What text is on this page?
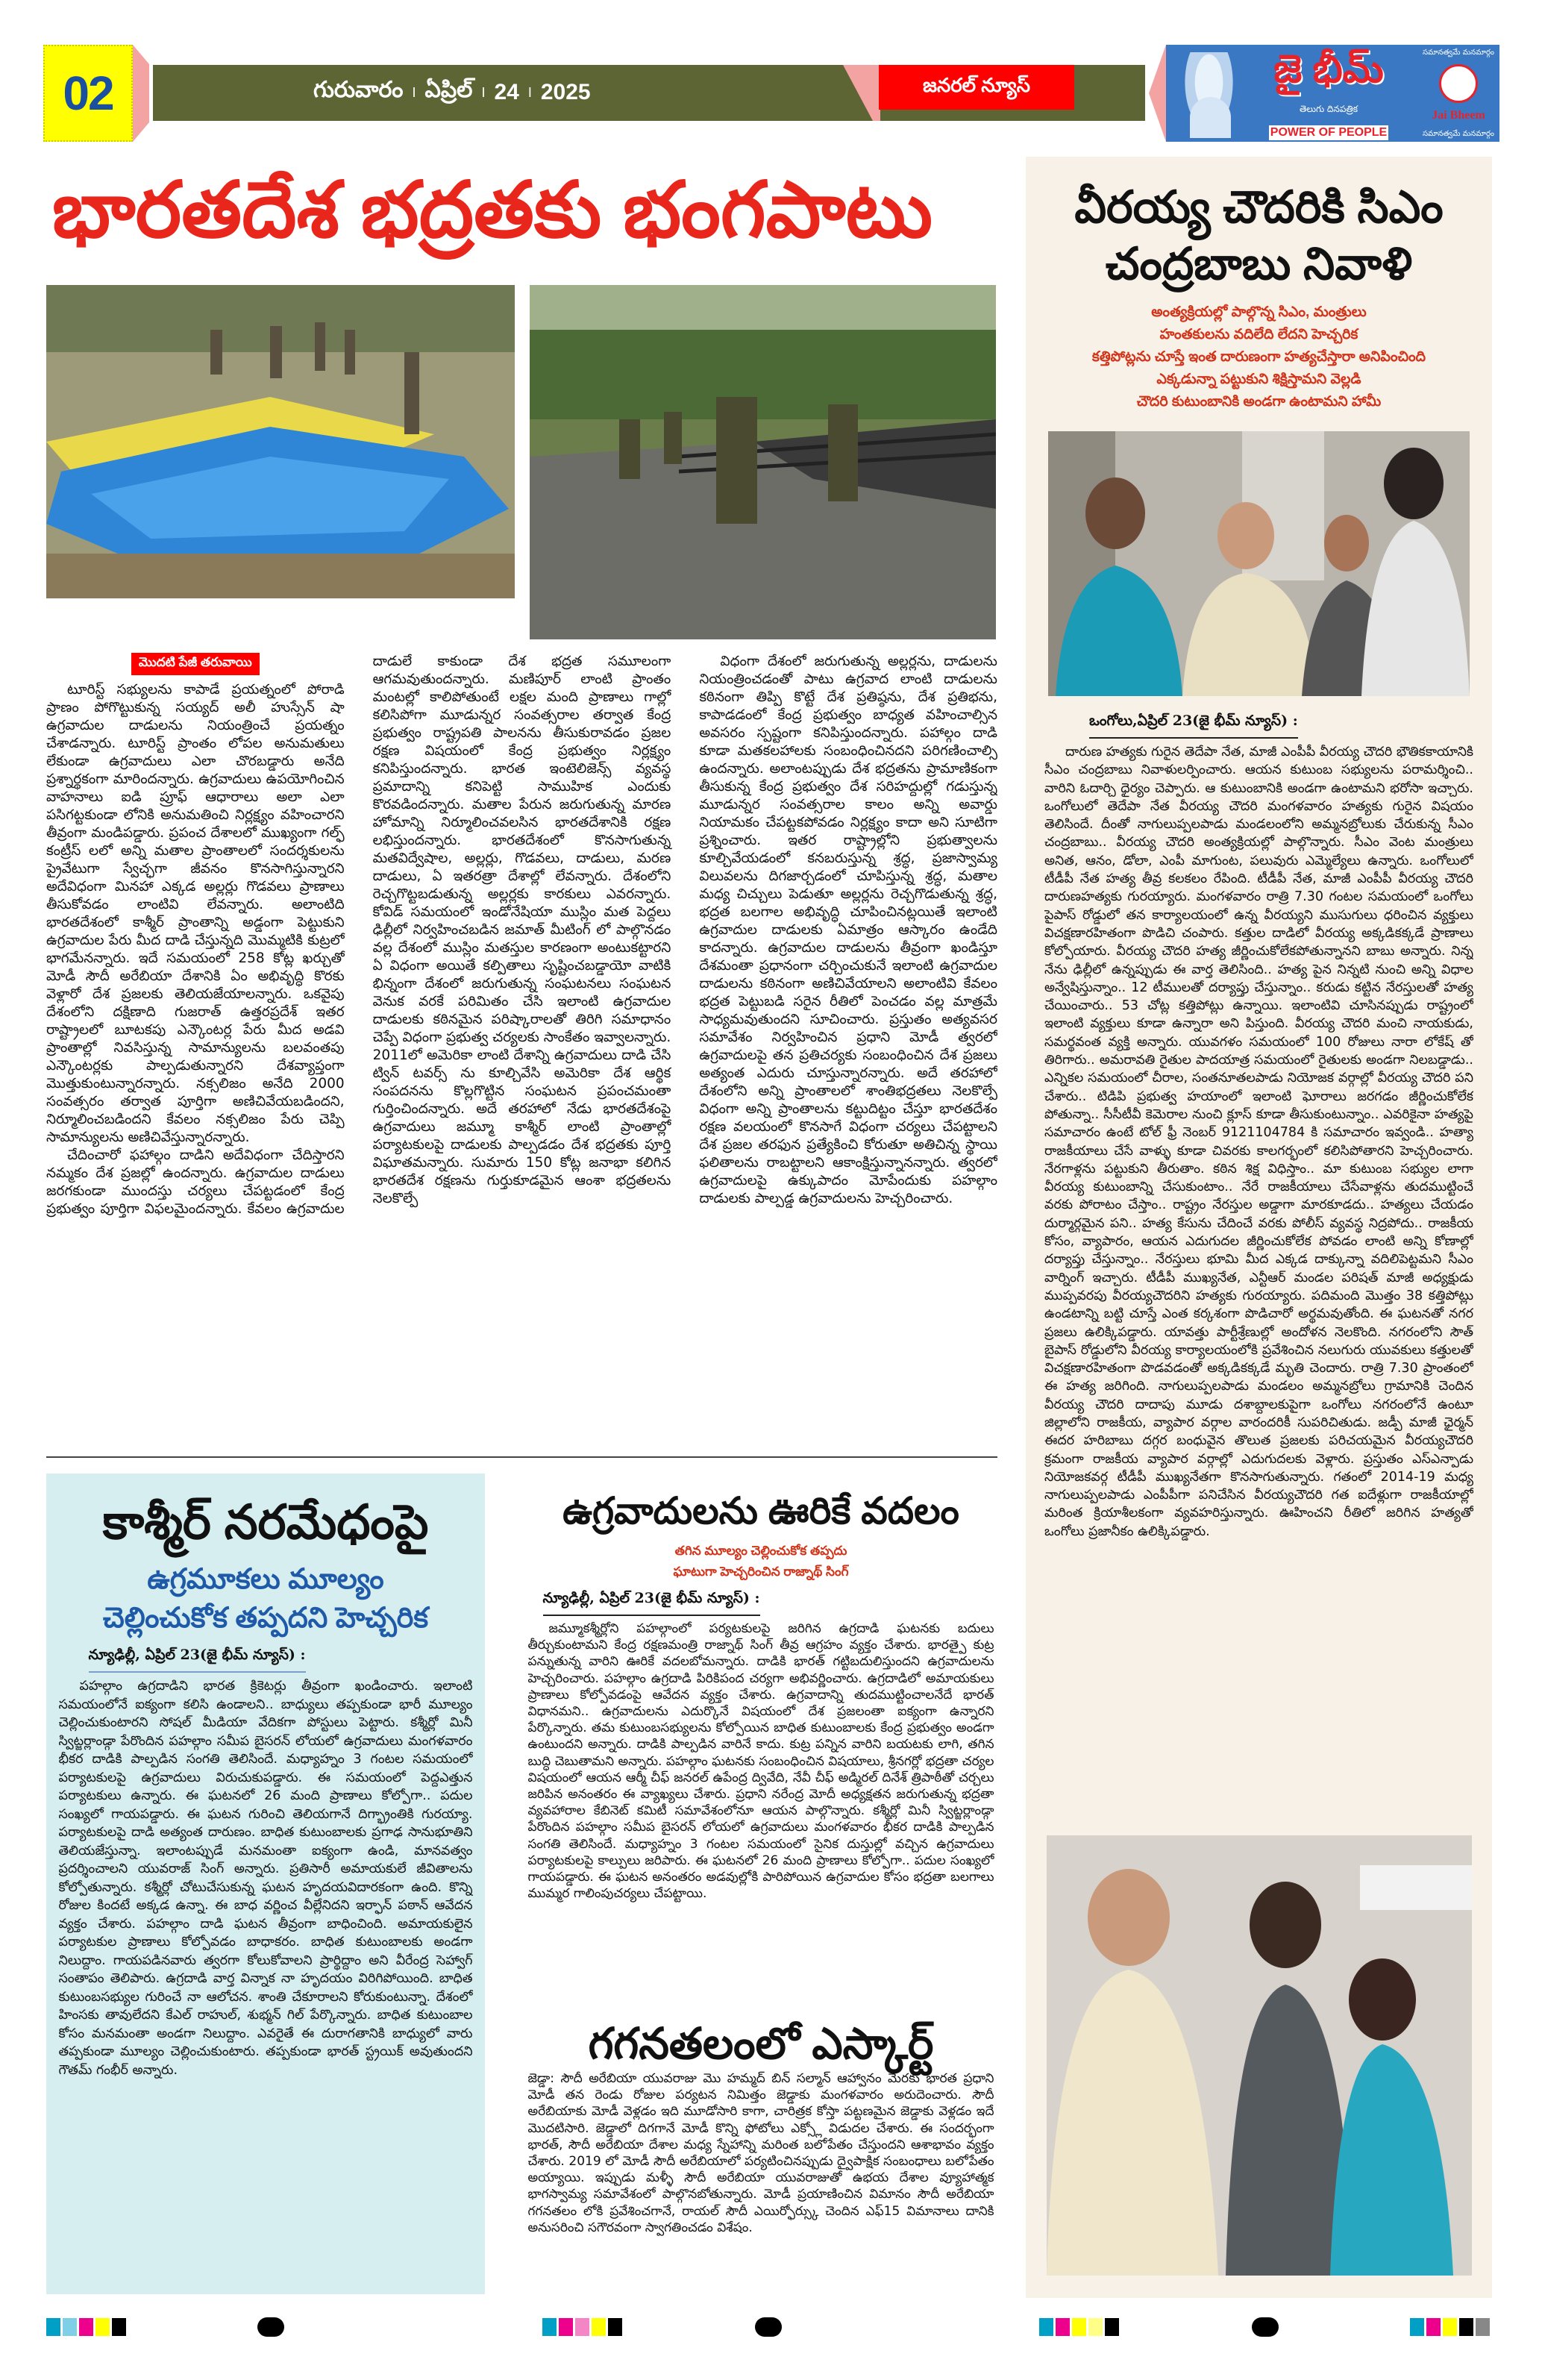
02	గురువారం I ఏప్రిల్ I 24 I 2025	జనరల్ న్యూస్	జై భీమ్
తెలుగు దినపత్రిక
POWER OF PEOPLE
సమానత్వమే మనమార్గం
Jai Bheem
సమానత్వమే మనమార్గం
భారతదేశ భద్రతకు భంగపాటు
మొదటి పేజీ తరువాయి

టూరిస్ట్ సభ్యులను కాపాడే ప్రయత్నంలో పోరాడి ప్రాణం పోగొట్టుకున్న సయ్యద్ అలీ హుస్సేన్ షా ఉగ్రవాదుల దాడులను నియంత్రించే ప్రయత్నం చేశాడన్నారు. టూరిస్ట్ ప్రాంతం లోపల అనుమతులు లేకుండా ఉగ్రవాదులు ఎలా చొరబడ్డారు అనేది ప్రశ్నార్థకంగా మారిందన్నారు. ఉగ్రవాదులు ఉపయోగించిన వాహనాలు ఐడి ప్రూఫ్ ఆధారాలు అలా ఎలా పసిగట్టకుండా లోనికి అనుమతించి నిర్లక్ష్యం వహించారని తీవ్రంగా మండిపడ్డారు. ప్రపంచ దేశాలలో ముఖ్యంగా గల్ఫ్ కంట్రీస్ లలో అన్ని మతాల ప్రాంతాలలో సందర్శకులను ప్రైవేటుగా స్వేచ్ఛగా జీవనం కొనసాగిస్తున్నారని అదేవిధంగా మినహా ఎక్కడ అల్లర్లు గొడవలు ప్రాణాలు తీసుకోవడం లాంటివి లేవన్నారు. అలాంటిది భారతదేశంలో కాశ్మీర్ ప్రాంతాన్ని అడ్డంగా పెట్టుకుని ఉగ్రవాదుల పేరు మీద దాడి చేస్తున్నది మొమ్మటికి కుట్రలో భాగమేనన్నారు. ఇదే సమయంలో 258 కోట్ల ఖర్చుతో మోడీ సౌదీ అరేబియా దేశానికి ఏం అభివృద్ధి కొరకు వెళ్లారో దేశ ప్రజలకు తెలియజేయాలన్నారు. ఒకవైపు దేశంలోని దక్షిణాది గుజరాత్ ఉత్తరప్రదేశ్ ఇతర రాష్ట్రాలలో బూటకపు ఎన్కౌంటర్ల పేరు మీద అడవి ప్రాంతాల్లో నివసిస్తున్న సామాన్యులను బలవంతపు ఎన్కౌంటర్లకు పాల్పడుతున్నారని దేశవ్యాప్తంగా మొత్తుకుంటున్నారన్నారు. నక్సలిజం అనేది 2000 సంవత్సరం తర్వాత పూర్తిగా అణిచివేయబడిందని, నిర్మూలించబడిందని కేవలం నక్సలిజం పేరు చెప్పి సామాన్యులను అణిచివేస్తున్నారన్నారు.

చేదించారో ఫహాల్గం దాడిని అదేవిధంగా చేదిస్తారని నమ్మకం దేశ ప్రజల్లో ఉందన్నారు. ఉగ్రవాదుల దాడులు జరగకుండా ముందస్తు చర్యలు చేపట్టడంలో కేంద్ర ప్రభుత్వం పూర్తిగా విఫలమైందన్నారు. కేవలం ఉగ్రవాదుల దాడులే కాకుండా దేశ భద్రత సమూలంగా ఆగమవుతుందన్నారు. మణిపూర్ లాంటి ప్రాంతం మంటల్లో కాలిపోతుంటే లక్షల మంది ప్రాణాలు గాల్లో కలిసిపోగా మూడున్నర సంవత్సరాల తర్వాత కేంద్ర ప్రభుత్వం రాష్ట్రపతి పాలనను తీసుకురావడం ప్రజల రక్షణ విషయంలో కేంద్ర ప్రభుత్వం నిర్లక్ష్యం కనిపిస్తుందన్నారు. భారత ఇంటెలిజెన్స్ వ్యవస్థ ప్రమాదాన్ని కనిపెట్టి సాముహిక ఎందుకు కొరవడిందన్నారు. మతాల పేరున జరుగుతున్న మారణ హోమాన్ని నిర్మూలించవలసిన భారతదేశానికి రక్షణ లభిస్తుందన్నారు. భారతదేశంలో కొనసాగుతున్న మతవిద్వేషాల, అల్లర్లు, గొడవలు, దాడులు, మరణ దాడులు, ఏ ఇతరత్రా దేశాల్లో లేవన్నారు. దేశంలోని రెచ్చగొట్టబడుతున్న అల్లర్లకు కారకులు ఎవరన్నారు. కోవిడ్ సమయంలో ఇండోనేషియా ముస్లిం మత పెద్దలు ఢిల్లీలో నిర్వహించబడిన జమాత్ మీటింగ్ లో పాల్గొనడం వల్ల దేశంలో ముస్లిం మతస్తుల కారణంగా అంటుకట్టారని ఏ విధంగా అయితే కల్పితాలు సృష్టించబడ్డాయో వాటికి భిన్నంగా దేశంలో జరుగుతున్న సంఘటనలు సంఘటన వెనుక వరకే పరిమితం చేసి ఇలాంటి ఉగ్రవాదుల దాడులకు కఠినమైన పరిష్కారాలతో తిరిగి సమాధానం చెప్పే విధంగా ప్రభుత్వ చర్యలకు సాంకేతం ఇవ్వాలన్నారు. 2011లో అమెరికా లాంటి దేశాన్ని ఉగ్రవాదులు దాడి చేసి ట్విన్ టవర్స్ ను కూల్చివేసి అమెరికా దేశ ఆర్థిక సంపదనను కొల్లగొట్టిన సంఘటన ప్రపంచమంతా గుర్తించిందన్నారు. అదే తరహాలో నేడు భారతదేశంపై ఉగ్రవాదులు జమ్మూ కాశ్మీర్ లాంటి ప్రాంతాల్లో పర్యాటకులపై దాడులకు పాల్పడడం దేశ భద్రతకు పూర్తి విఘాతమన్నారు. సుమారు 150 కోట్ల జనాభా కలిగిన భారతదేశ రక్షణను గుర్తుకూడమైన ఆంశా భద్రతలను నెలకొల్పే

విధంగా దేశంలో జరుగుతున్న అల్లర్లను, దాడులను నియంత్రించడంతో పాటు ఉగ్రవాద లాంటి దాడులను కఠినంగా తిప్పి కొట్టే దేశ ప్రతిష్ఠను, దేశ ప్రతిభను, కాపాడడంలో కేంద్ర ప్రభుత్వం బాధ్యత వహించాల్సిన అవసరం స్పష్టంగా కనిపిస్తుందన్నారు. పహాల్గం దాడి కూడా మతకలహాలకు సంబంధించినదని పరిగణించాల్సి ఉందన్నారు. అలాంటప్పుడు దేశ భద్రతను ప్రామాణికంగా తీసుకున్న కేంద్ర ప్రభుత్వం దేశ సరిహద్దుల్లో గడుస్తున్న మూడున్నర సంవత్సరాల కాలం అన్ని అవార్డు నియామకం చేపట్టకపోవడం నిర్లక్ష్యం కాదా అని సూటిగా ప్రశ్నించారు. ఇతర రాష్ట్రాల్లోని ప్రభుత్వాలను కూల్చివేయడంలో కనబరుస్తున్న శ్రద్ధ, ప్రజాస్వామ్య విలువలను దిగజార్చడంలో చూపిస్తున్న శ్రద్ధ, మతాల మధ్య చిచ్చులు పెడుతూ అల్లర్లను రెచ్చగొడుతున్న శ్రద్ధ, భద్రత బలగాల అభివృద్ధి చూపించినట్లయితే ఇలాంటి ఉగ్రవాదుల దాడులకు ఏమాత్రం ఆస్కారం ఉండేది కాదన్నారు. ఉగ్రవాదుల దాడులను తీవ్రంగా ఖండిస్తూ దేశమంతా ప్రధానంగా చర్చించుకునే ఇలాంటి ఉగ్రవాదుల దాడులను కఠినంగా అణిచివేయాలని అలాంటివి కేవలం భద్రత పెట్టుబడి సరైన రీతిలో పెంచడం వల్ల మాత్రమే సాధ్యమవుతుందని సూచించారు. ప్రస్తుతం అత్యవసర సమావేశం నిర్వహించిన ప్రధాని మోడీ త్వరలో ఉగ్రవాదులపై తన ప్రతిచర్యకు సంబంధించిన దేశ ప్రజలు అత్యంత ఎదురు చూస్తున్నారన్నారు. అదే తరహాలో దేశంలోని అన్ని ప్రాంతాలలో శాంతిభద్రతలు నెలకొల్పే విధంగా అన్ని ప్రాంతాలను కట్టుదిట్టం చేస్తూ భారతదేశం రక్షణ వలయంలో కొనసాగే విధంగా చర్యలు చేపట్టాలని దేశ ప్రజల తరఫున ప్రత్యేకించి కోరుతూ అతిచిన్న స్థాయి ఫలితాలను రాబట్టాలని ఆకాంక్షిస్తున్నానన్నారు. త్వరలో ఉగ్రవాదులపై ఉక్కుపాదం మోపేందుకు పహల్గాం దాడులకు పాల్పడ్డ ఉగ్రవాదులను హెచ్చరించారు.

వీరయ్య చౌదరికి సిఎం
చంద్రబాబు నివాళి
అంత్యక్రియల్లో పాల్గొన్న సిఎం, మంత్రులు
హంతకులను వదిలేది లేదని హెచ్చరిక
కత్తిపోట్లను చూస్తే ఇంత దారుణంగా హత్యచేస్తారా అనిపించింది
ఎక్కడున్నా పట్టుకుని శిక్షిస్తామని వెల్లడి
చౌదరి కుటుంబానికి అండగా ఉంటామని హామీ
ఒంగోలు,ఏప్రిల్ 23(జై భీమ్ న్యూస్) :

దారుణ హత్యకు గురైన తెదేపా నేత, మాజీ ఎంపీపీ వీరయ్య చౌదరి భౌతికకాయానికి సీఎం చంద్రబాబు నివాళులర్పించారు. ఆయన కుటుంబ సభ్యులను పరామర్శించి.. వారిని ఓదార్చి ధైర్యం చెప్పారు. ఆ కుటుంబానికి అండగా ఉంటామని భరోసా ఇచ్చారు. ఒంగోలులో తెదేపా నేత వీరయ్య చౌదరి మంగళవారం హత్యకు గురైన విషయం తెలిసిందే. దీంతో నాగులుప్పలపాడు మండలంలోని అమ్మనబ్రోలుకు చేరుకున్న సీఎం చంద్రబాబు.. వీరయ్య చౌదరి అంత్యక్రియల్లో పాల్గొన్నారు. సీఎం వెంట మంత్రులు అనిత, ఆనం, డోలా, ఎంపీ మాగుంట, పలువురు ఎమ్మెల్యేలు ఉన్నారు. ఒంగోలులో టీడీపీ నేత హత్య తీవ్ర కలకలం రేపింది. టీడీపీ నేత, మాజీ ఎంపీపీ వీరయ్య చౌదరి దారుణహత్యకు గురయ్యారు. మంగళవారం రాత్రి 7.30 గంటల సమయంలో ఒంగోలు పైపాస్ రోడ్డులో తన కార్యాలయంలో ఉన్న వీరయ్యని ముసుగులు ధరించిన వ్యక్తులు విచక్షణారహితంగా పొడిచి చంపారు. కత్తుల దాడిలో వీరయ్య అక్కడికక్కడే ప్రాణాలు కోల్పోయారు. వీరయ్య చౌదరి హత్య జీర్ణించుకోలేకపోతున్నానని బాబు అన్నారు. నిన్న నేను ఢిల్లీలో ఉన్నప్పుడు ఈ వార్త తెలిసింది.. హత్య పైన నిన్నటి నుంచి అన్ని విధాల అన్వేషిస్తున్నాం.. 12 టీములతో దర్యాప్తు చేస్తున్నాం.. కరుడు కట్టిన నేరస్తులతో హత్య చేయించారు.. 53 చోట్ల కత్తిపోట్లు ఉన్నాయి. ఇలాంటివి చూసినప్పుడు రాష్ట్రంలో ఇలాంటి వ్యక్తులు కూడా ఉన్నారా అని పిస్తుంది. వీరయ్య చౌదరి మంచి నాయకుడు, సమర్థవంత వ్యక్తి అన్నారు. యువగళం సమయంలో 100 రోజులు నారా లోకేష్ తో తిరిగారు.. అమరావతి రైతుల పాదయాత్ర సమయంలో రైతులకు అండగా నిలబడ్డాడు.. ఎన్నికల సమయంలో చీరాల, సంతనూతలపాడు నియోజక వర్గాల్లో వీరయ్య చౌదరి పని చేశారు.. టిడిపి ప్రభుత్వ హయాంలో ఇలాంటి ఘోరాలు జరగడం జీర్ణించుకోలేక పోతున్నా.. సీసీటీవీ కెమెరాల నుంచి క్లూస్ కూడా తీసుకుంటున్నాం.. ఎవరికైనా హత్యపై సమాచారం ఉంటే టోల్ ఫ్రీ నెంబర్ 9121104784 కి సమాచారం ఇవ్వండి.. హత్యా రాజకీయాలు చేసే వాళ్ళు కూడా చివరకు కాలగర్భంలో కలిసిపోతారని హెచ్చరించారు. నేరగాళ్లను పట్టుకుని తీరుతాం. కఠిన శిక్ష విధిస్తాం.. మా కుటుంబ సభ్యుల లాగా వీరయ్య కుటుంబాన్ని చేసుకుంటాం.. నేరే రాజకీయాలు చేసేవాళ్లను తుదముట్టించే వరకు పోరాటం చేస్తాం.. రాష్ట్రం నేరస్తుల అడ్డాగా మారకూడదు.. హత్యలు చేయడం దుర్మార్గమైన పని.. హత్య కేసును చేదించే వరకు పోలీస్ వ్యవస్థ నిద్రపోదు.. రాజకీయ కోసం, వ్యాపారం, ఆయన ఎదుగుదల జీర్ణించుకోలేక పోవడం లాంటి అన్ని కోణాల్లో దర్యాప్తు చేస్తున్నాం.. నేరస్తులు భూమి మీద ఎక్కడ దాక్కున్నా వదిలిపెట్టమని సీఎం వార్నింగ్ ఇచ్చారు. టీడీపీ ముఖ్యనేత, ఎన్టీఆర్ మండల పరిషత్ మాజీ అధ్యక్షుడు ముప్పవరపు వీరయ్యచౌదరిని హత్యకు గురయ్యారు. పదిమంది మొత్తం 38 కత్తిపోట్లు ఉండటాన్ని బట్టి చూస్తే ఎంత కర్కశంగా పొడిచారో అర్థమవుతోంది. ఈ ఘటనతో నగర ప్రజలు ఉలిక్కిపడ్డారు. యావత్తు పార్టీశ్రేణుల్లో అందోళన నెలకొంది. నగరంలోని సౌత్ బైపాస్ రోడ్డులోని వీరయ్య కార్యాలయంలోకి ప్రవేశించిన నలుగురు యువకులు కత్తులతో విచక్షణారహితంగా పొడవడంతో అక్కడికక్కడే మృతి చెందారు. రాత్రి 7.30 ప్రాంతంలో ఈ హత్య జరిగింది. నాగులుప్పలపాడు మండలం అమ్మనబ్రోలు గ్రామానికి చెందిన వీరయ్య చౌదరి దాదాపు మూడు దశాబ్దాలకుపైగా ఒంగోలు నగరంలోనే ఉంటూ జిల్లాలోని రాజకీయ, వ్యాపార వర్గాల వారందరికీ సుపరిచితుడు. జడ్పీ మాజీ ఛైర్మన్ ఈదర హరిబాబు దగ్గర బంధువైన తొలుత ప్రజలకు పరిచయమైన వీరయ్యచౌదరి క్రమంగా రాజకీయ వ్యాపార వర్గాల్లో ఎదుగుదలకు వెళ్లారు. ప్రస్తుతం ఎస్ఎన్పాడు నియోజకవర్గ టీడీపీ ముఖ్యనేతగా కొనసాగుతున్నారు. గతంలో 2014-19 మధ్య నాగులుప్పలపాడు ఎంపీపీగా పనిచేసిన వీరయ్యచౌదరి గత ఐదేళ్లుగా రాజకీయాల్లో మరింత క్రియాశీలకంగా వ్యవహరిస్తున్నారు. ఊహించని రీతిలో జరిగిన హత్యతో ఒంగోలు ప్రజానీకం ఉలిక్కిపడ్డారు.

కాశ్మీర్ నరమేధంపై
ఉగ్రమూకలు మూల్యం
చెల్లించుకోక తప్పదని హెచ్చరిక
న్యూఢిల్లీ, ఏప్రిల్ 23(జై భీమ్ న్యూస్) :

పహల్గాం ఉగ్రదాడిని భారత క్రికెటర్లు తీవ్రంగా ఖండించారు. ఇలాంటి సమయంలోనే ఐక్యంగా కలిసి ఉండాలని.. బాధ్యులు తప్పకుండా భారీ మూల్యం చెల్లించుకుంటారని సోషల్ మీడియా వేదికగా పోస్టులు పెట్టారు. కశ్మీర్లో మినీ స్విట్జర్లాండ్గా పేరొందిన పహల్గాం సమీప బైసరన్ లోయలో ఉగ్రవాదులు మంగళవారం భీకర దాడికి పాల్పడిన సంగతి తెలిసిందే. మధ్యాహ్నం 3 గంటల సమయంలో పర్యాటకులపై ఉగ్రవాదులు విరుచుకుపడ్డారు. ఈ సమయంలో పెద్దఎత్తున పర్యాటకులు ఉన్నారు. ఈ ఘటనలో 26 మంది ప్రాణాలు కోల్పోగా.. పదుల సంఖ్యలో గాయపడ్డారు. ఈ ఘటన గురించి తెలియగానే దిగ్భ్రాంతికి గురయ్యా. పర్యాటకులపై దాడి అత్యంత దారుణం. బాధిత కుటుంబాలకు ప్రగాఢ సానుభూతిని తెలియజేస్తున్నా. ఇలాంటప్పుడే మనమంతా ఐక్యంగా ఉండి, మానవత్వం ప్రదర్శించాలని యువరాజ్ సింగ్ అన్నారు. ప్రతిసారీ అమాయకులే జీవితాలను కోల్పోతున్నారు. కశ్మీర్లో చోటుచేసుకున్న ఘటన హృదయవిదారకంగా ఉంది. కొన్ని రోజుల కిందటే అక్కడ ఉన్నా. ఈ బాధ వర్ణించ వీల్లేనిదని ఇర్ఫాన్ పఠాన్ ఆవేదన వ్యక్తం చేశారు. పహల్గాం దాడి ఘటన తీవ్రంగా బాధించింది. అమాయకులైన పర్యాటకుల ప్రాణాలు కోల్పోవడం బాధాకరం. బాధిత కుటుంబాలకు అండగా నిలుద్దాం. గాయపడినవారు త్వరగా కోలుకోవాలని ప్రార్థిద్దాం అని వీరేంద్ర సెహ్వాగ్ సంతాపం తెలిపారు. ఉగ్రదాడి వార్త విన్నాక నా హృదయం విరిగిపోయింది. బాధిత కుటుంబసభ్యుల గురించే నా ఆలోచన. శాంతి చేకూరాలని కోరుకుంటున్నా. దేశంలో హింసకు తావులేదని కేఎల్ రాహుల్, శుభ్మన్ గిల్ పేర్కొన్నారు. బాధిత కుటుంబాల కోసం మనమంతా అండగా నిలుద్దాం. ఎవరైతే ఈ దురాగతానికి బాధ్యులో వారు తప్పకుండా మూల్యం చెల్లించుకుంటారు. తప్పకుండా భారత్ స్ట్రయిక్ అవుతుందని గౌతమ్ గంభీర్ అన్నారు.

ఉగ్రవాదులను ఊరికే వదలం
తగిన మూల్యం చెల్లించుకోక తప్పదు
ఘాటుగా హెచ్చరించిన రాజ్నాథ్ సింగ్
న్యూఢిల్లీ, ఏప్రిల్ 23(జై భీమ్ న్యూస్) :

జమ్మూకశ్మీర్లోని పహల్గాంలో పర్యటకులపై జరిగిన ఉగ్రదాడి ఘటనకు బదులు తీర్చుకుంటామని కేంద్ర రక్షణమంత్రి రాజ్నాథ్ సింగ్ తీవ్ర ఆగ్రహం వ్యక్తం చేశారు. భారత్పై కుట్ర పన్నుతున్న వారిని ఊరికే వదలబోమన్నారు. దాడికి భారత్ గట్టిబదులిస్తుందని ఉగ్రవాదులను హెచ్చరించారు. పహల్గాం ఉగ్రదాడి పిరికిపంద చర్యగా అభివర్ణించారు. ఉగ్రదాడిలో అమాయకులు ప్రాణాలు కోల్పోవడంపై ఆవేదన వ్యక్తం చేశారు. ఉగ్రవాదాన్ని తుదముట్టించాలనేదే భారత్ విధానమని.. ఉగ్రవాదులను ఎదుర్కొనే విషయంలో దేశ ప్రజలంతా ఐక్యంగా ఉన్నారని పేర్కొన్నారు. తమ కుటుంబసభ్యులను కోల్పోయిన బాధిత కుటుంబాలకు కేంద్ర ప్రభుత్వం అండగా ఉంటుందని అన్నారు. దాడికి పాల్పడిన వారినే కాదు. కుట్ర పన్నిన వారిని బయటకు లాగి, తగిన బుద్ధి చెబుతామని అన్నారు. పహల్గాం ఘటనకు సంబంధించిన విషయాలు, శ్రీనగర్లో భద్రతా చర్యల విషయంలో ఆయన ఆర్మీ చీఫ్ జనరల్ ఉపేంద్ర ద్వివేది, నేవీ చీఫ్ అడ్మిరల్ దినేశ్ త్రిపాఠీతో చర్చలు జరిపిన అనంతరం ఈ వ్యాఖ్యలు చేశారు. ప్రధాని నరేంద్ర మోదీ అధ్యక్షతన జరుగుతున్న భద్రతా వ్యవహారాల కేబినెట్ కమిటీ సమావేశంలోనూ ఆయన పాల్గొన్నారు. కశ్మీర్లో మినీ స్విట్జర్లాండ్గా పేరొందిన పహల్గాం సమీప బైసరన్ లోయలో ఉగ్రవాదులు మంగళవారం భీకర దాడికి పాల్పడిన సంగతి తెలిసిందే. మధ్యాహ్నం 3 గంటల సమయంలో సైనిక దుస్తుల్లో వచ్చిన ఉగ్రవాదులు పర్యాటకులపై కాల్పులు జరిపారు. ఈ ఘటనలో 26 మంది ప్రాణాలు కోల్పోగా.. పదుల సంఖ్యలో గాయపడ్డారు. ఈ ఘటన అనంతరం అడవుల్లోకి పారిపోయిన ఉగ్రవాదుల కోసం భద్రతా బలగాలు ముమ్మర గాలింపుచర్యలు చేపట్టాయి.

గగనతలంలో ఎస్కార్ట్

జెడ్డా: సౌదీ అరేబియా యువరాజు మొ హమ్మద్ బిన్ సల్మాన్ ఆహ్వానం మేరకు భారత ప్రధాని మోడీ తన రెండు రోజుల పర్యటన నిమిత్తం జెడ్డాకు మంగళవారం అరుదెంచారు. సౌదీ అరేబియాకు మోడీ వెళ్లడం ఇది మూడోసారి కాగా, చారిత్రక కోస్తా పట్టణమైన జెడ్డాకు వెళ్లడం ఇదే మొదటిసారి. జెడ్డాలో దిగగానే మోడీ కొన్ని ఫోటోలు ఎక్స్లో విడుదల చేశారు. ఈ సందర్భంగా భారత్, సౌదీ అరేబియా దేశాల మధ్య స్నేహాన్ని మరింత బలోపేతం చేస్తుందని ఆశాభావం వ్యక్తం చేశారు. 2019 లో మోడీ సౌదీ అరేబియాలో పర్యటించినప్పుడు ద్వైపాక్షిక సంబంధాలు బలోపేతం అయ్యాయి. ఇప్పుడు మళ్ళీ సౌదీ అరేబియా యువరాజుతో ఉభయ దేశాల వ్యూహాత్మక భాగస్వామ్య సమావేశంలో పాల్గొనబోతున్నారు. మోడీ ప్రయాణించిన విమానం సౌదీ అరేబియా గగనతలం లోకి ప్రవేశించగానే, రాయల్ సౌదీ ఎయిర్ఫోర్స్కు చెందిన ఎఫ్15 విమానాలు దానికి అనుసరించి సగౌరవంగా స్వాగతించడం విశేషం.
